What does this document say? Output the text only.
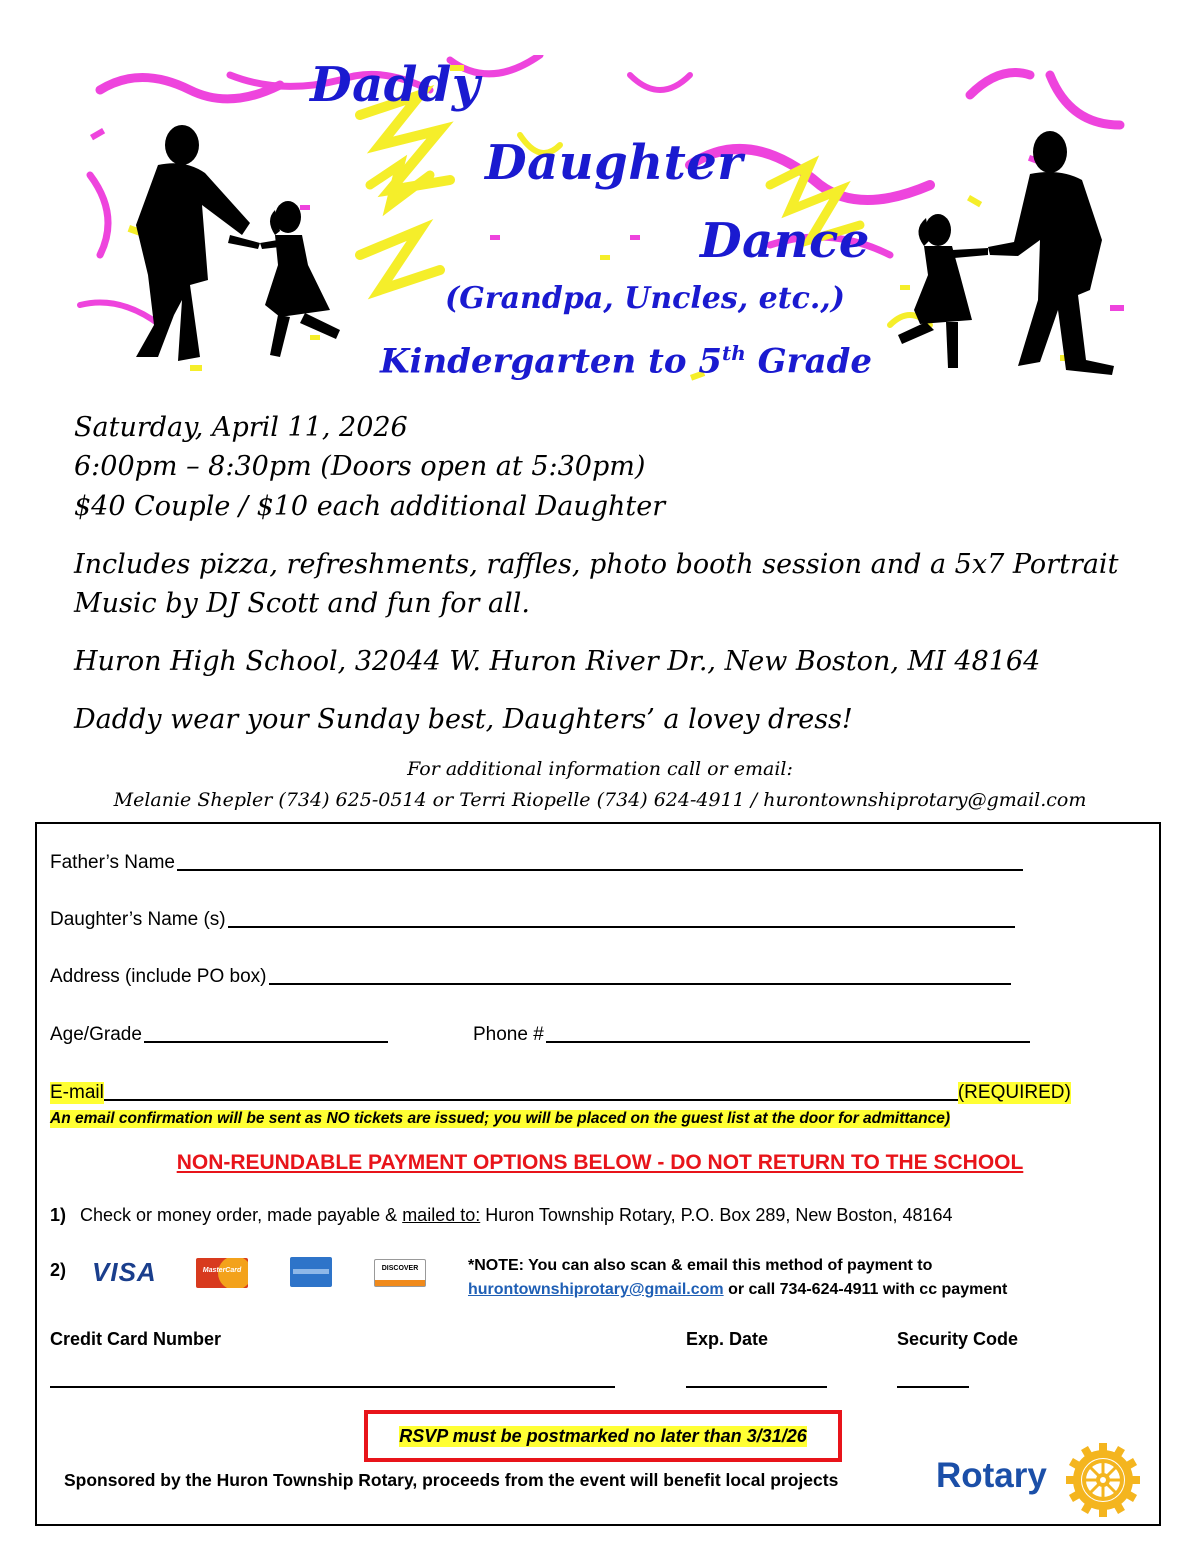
Daddy
Daughter
Dance
(Grandpa, Uncles, etc.,)
Kindergarten to 5th Grade
Saturday, April 11, 2026
6:00pm – 8:30pm (Doors open at 5:30pm)
$40 Couple / $10 each additional Daughter
Includes pizza, refreshments, raffles, photo booth session and a 5x7 Portrait
Music by DJ Scott and fun for all.
Huron High School, 32044 W. Huron River Dr., New Boston, MI 48164
Daddy wear your Sunday best, Daughters’ a lovey dress!
For additional information call or email:
Melanie Shepler (734) 625-0514 or Terri Riopelle (734) 624-4911 / hurontownshiprotary@gmail.com
Father’s Name
Daughter’s Name (s)
Address (include PO box)
Age/Grade	Phone #
E-mail	(REQUIRED)
An email confirmation will be sent as NO tickets are issued; you will be placed on the guest list at the door for admittance)
NON-REUNDABLE PAYMENT OPTIONS BELOW - DO NOT RETURN TO THE SCHOOL
1) Check or money order, made payable & mailed to: Huron Township Rotary, P.O. Box 289, New Boston, 48164
2) VISA	MasterCard	DISCOVER	*NOTE: You can also scan & email this method of payment to
hurontownshiprotary@gmail.com or call 734-624-4911 with cc payment
Credit Card Number	Exp. Date	Security Code
RSVP must be postmarked no later than 3/31/26
Sponsored by the Huron Township Rotary, proceeds from the event will benefit local projects	Rotary
